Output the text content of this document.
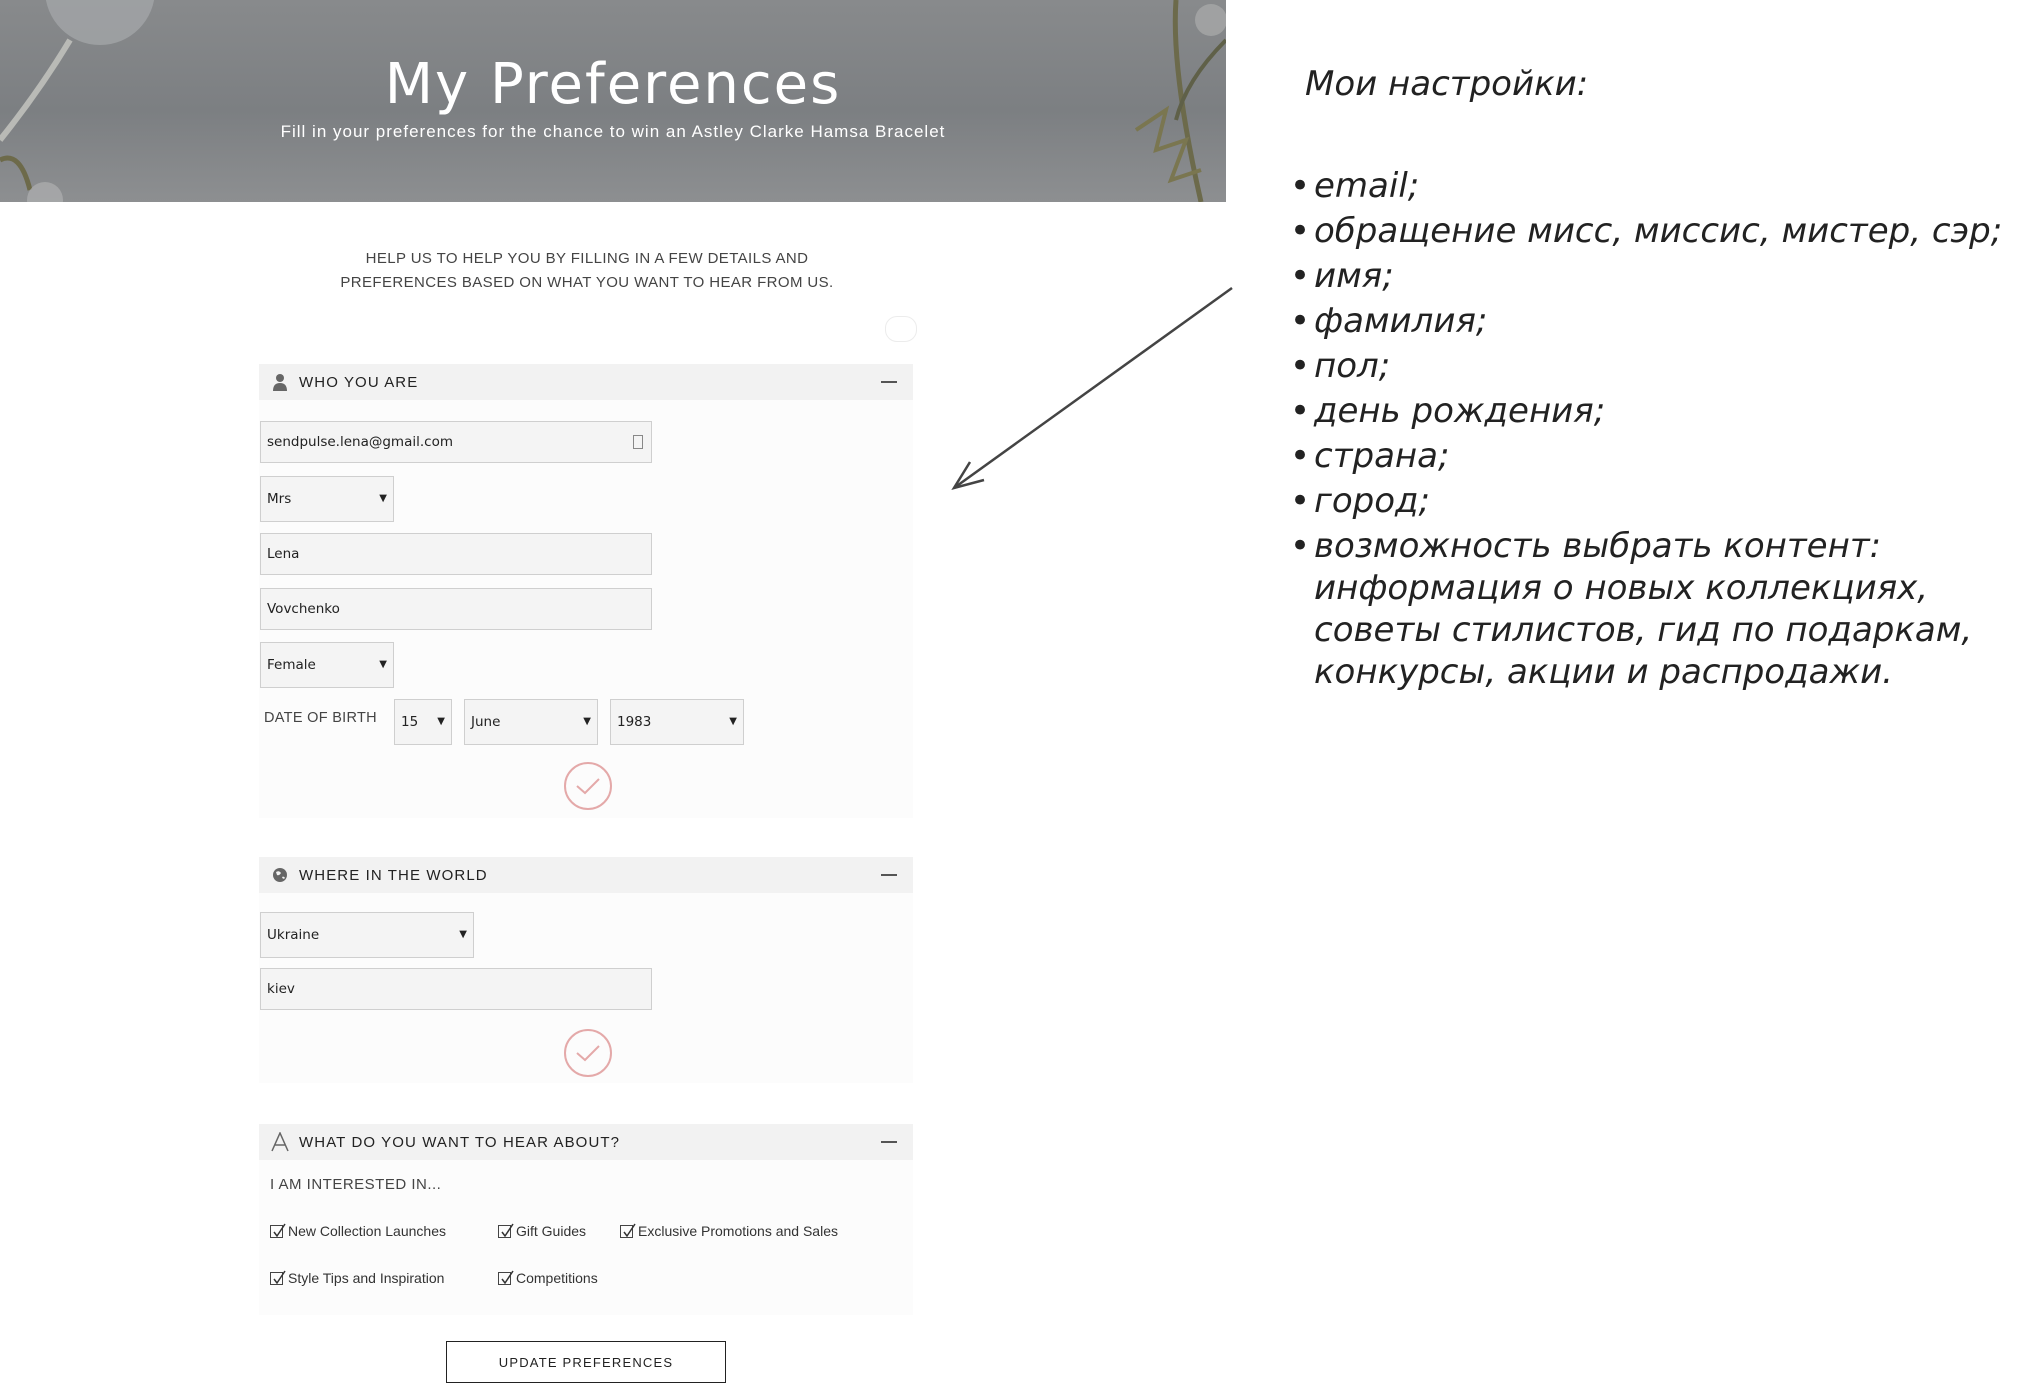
My Preferences

Fill in your preferences for the chance to win an Astley Clarke Hamsa Bracelet

HELP US TO HELP YOU BY FILLING IN A FEW DETAILS AND
PREFERENCES BASED ON WHAT YOU WANT TO HEAR FROM US.

WHO YOU ARE
sendpulse.lena@gmail.com
Mrs	▼
Lena
Vovchenko
Female	▼
DATE OF BIRTH	15 ▼	June	▼	1983	▼
WHERE IN THE WORLD
Ukraine	▼
kiev
WHAT DO YOU WANT TO HEAR ABOUT?
I AM INTERESTED IN...
New Collection Launches	Gift Guides	Exclusive Promotions and Sales
Style Tips and Inspiration	Competitions
UPDATE PREFERENCES

Мои настройки:

• email;
• обращение мисс, миссис, мистер, сэр;
• имя;
• фамилия;
• пол;
• день рождения;
• страна;
• город;
• возможность выбрать контент:
информация о новых коллекциях,
советы стилистов, гид по подаркам,
конкурсы, акции и распродажи.
